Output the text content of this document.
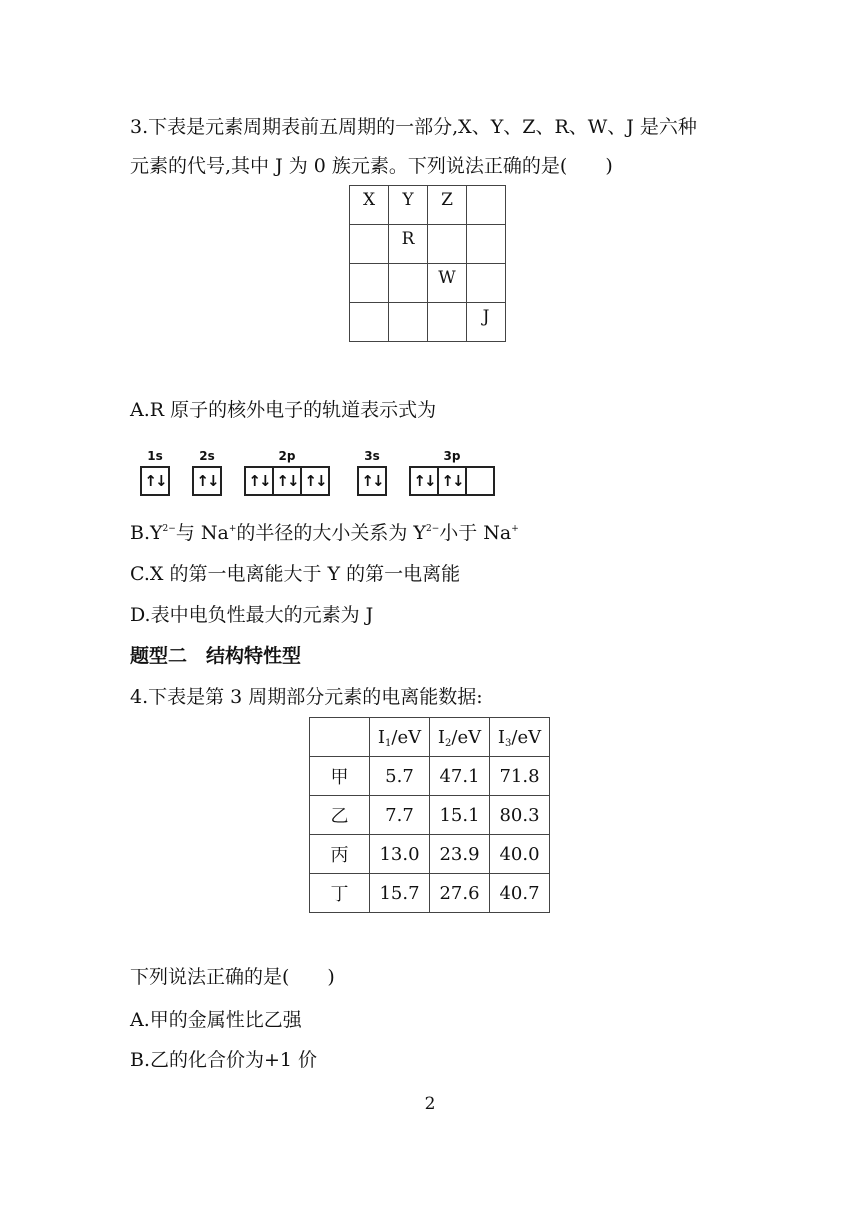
3.下表是元素周期表前五周期的一部分,X、Y、Z、R、W、J 是六种
元素的代号,其中 J 为 0 族元素。下列说法正确的是(　　)
X	Y	Z	
	R		
		W	
			J
A.R 原子的核外电子的轨道表示式为
1s
↑↓
2s
↑↓
2p
↑↓ ↑↓ ↑↓
3s
↑↓
3p
↑↓ ↑↓
$B.Y^{2-}$与 Na+的半径的大小关系为 $Y^{2-}$小于 Na+
C.X 的第一电离能大于 Y 的第一电离能
D.表中电负性最大的元素为 J
题型二　结构特性型
4.下表是第 3 周期部分元素的电离能数据:
	$I_1/eV$	$I_2/eV$	$I_3/eV$
甲	5.7	47.1	71.8
乙	7.7	15.1	80.3
丙	13.0	23.9	40.0
丁	15.7	27.6	40.7
下列说法正确的是(　　)
A.甲的金属性比乙强
B.乙的化合价为+1 价
2
